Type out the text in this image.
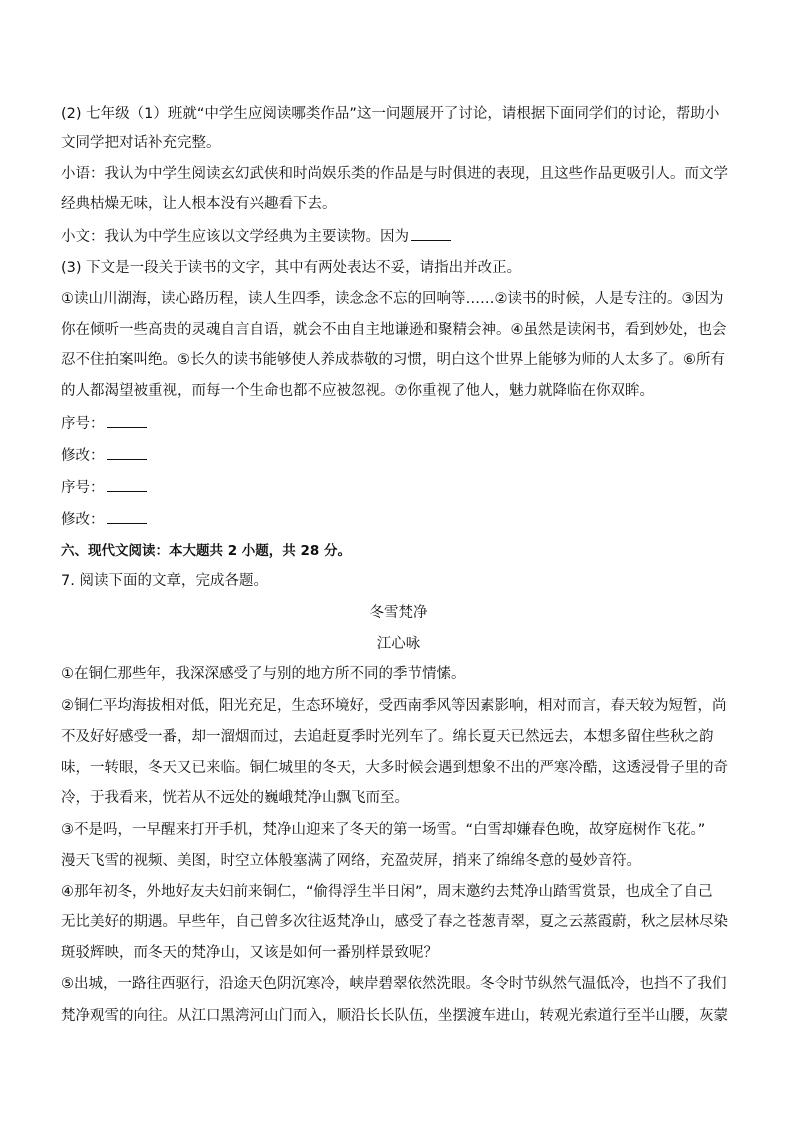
(2) 七年级（1）班就“中学生应阅读哪类作品”这一问题展开了讨论，请根据下面同学们的讨论，帮助小
文同学把对话补充完整。
小语：我认为中学生阅读玄幻武侠和时尚娱乐类的作品是与时俱进的表现，且这些作品更吸引人。而文学
经典枯燥无味，让人根本没有兴趣看下去。
小文：我认为中学生应该以文学经典为主要读物。因为
(3) 下文是一段关于读书的文字，其中有两处表达不妥，请指出并改正。
①读山川湖海，读心路历程，读人生四季，读念念不忘的回响等……②读书的时候，人是专注的。③因为
你在倾听一些高贵的灵魂自言自语，就会不由自主地谦逊和聚精会神。④虽然是读闲书，看到妙处，也会
忍不住拍案叫绝。⑤长久的读书能够使人养成恭敬的习惯，明白这个世界上能够为师的人太多了。⑥所有
的人都渴望被重视，而每一个生命也都不应被忽视。⑦你重视了他人，魅力就降临在你双眸。
序号：
修改：
序号：
修改：
六、现代文阅读：本大题共 2 小题，共 28 分。
7. 阅读下面的文章，完成各题。
冬雪梵净
江心咏
①在铜仁那些年，我深深感受了与别的地方所不同的季节情愫。
②铜仁平均海拔相对低，阳光充足，生态环境好，受西南季风等因素影响，相对而言，春天较为短暂，尚
不及好好感受一番，却一溜烟而过，去追赶夏季时光列车了。绵长夏天已然远去，本想多留住些秋之韵
味，一转眼，冬天又已来临。铜仁城里的冬天，大多时候会遇到想象不出的严寒冷酷，这透浸骨子里的奇
冷，于我看来，恍若从不远处的巍峨梵净山飘飞而至。
③不是吗，一早醒来打开手机，梵净山迎来了冬天的第一场雪。“白雪却嫌春色晚，故穿庭树作飞花。”
漫天飞雪的视频、美图，时空立体般塞满了网络，充盈荧屏，捎来了绵绵冬意的曼妙音符。
④那年初冬，外地好友夫妇前来铜仁，“偷得浮生半日闲”，周末邀约去梵净山踏雪赏景，也成全了自己
无比美好的期遇。早些年，自己曾多次往返梵净山，感受了春之苍葱青翠，夏之云蒸霞蔚，秋之层林尽染
斑驳辉映，而冬天的梵净山，又该是如何一番别样景致呢？
⑤出城，一路往西驱行，沿途天色阴沉寒冷，峡岸碧翠依然洗眼。冬令时节纵然气温低冷，也挡不了我们
梵净观雪的向往。从江口黑湾河山门而入，顺沿长长队伍，坐摆渡车进山，转观光索道行至半山腰，灰蒙
